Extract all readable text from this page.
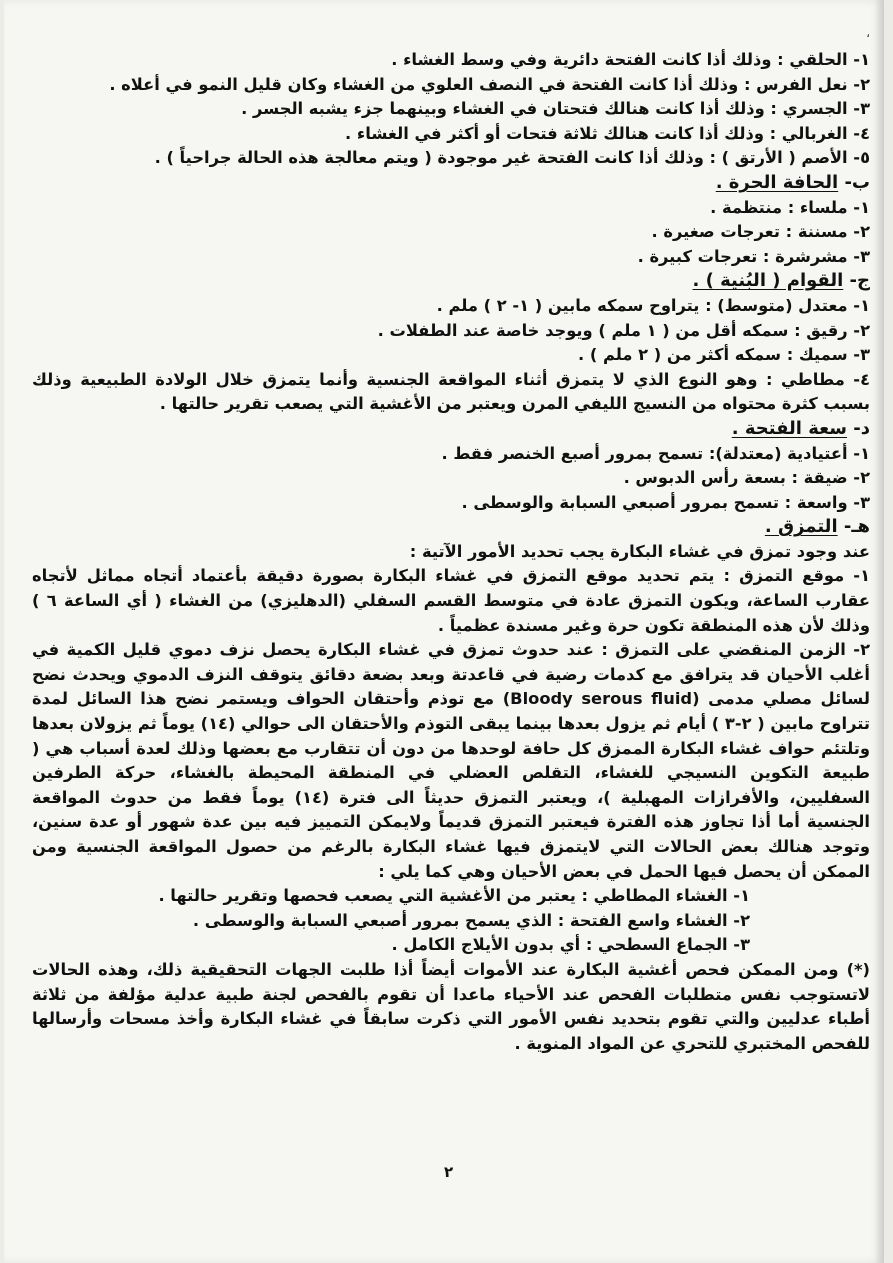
،

١- الحلقي : وذلك أذا كانت الفتحة دائرية وفي وسط الغشاء .

٢- نعل الفرس : وذلك أذا كانت الفتحة في النصف العلوي من الغشاء وكان قليل النمو في أعلاه .

٣- الجسري : وذلك أذا كانت هنالك فتحتان في الغشاء وبينهما جزء يشبه الجسر .

٤- الغربالي : وذلك أذا كانت هنالك ثلاثة فتحات أو أكثر في الغشاء .

٥- الأصم ( الأرتق ) : وذلك أذا كانت الفتحة غير موجودة ( ويتم معالجة هذه الحالة جراحياً ) .

ب- الحافة الحرة .

١- ملساء : منتظمة .

٢- مسننة : تعرجات صغيرة .

٣- مشرشرة : تعرجات كبيرة .

ج- القوام ( البُنية ) .

١- معتدل (متوسط) : يتراوح سمكه مابين ( ١- ٢ ) ملم .

٢- رقيق : سمكه أقل من ( ١ ملم ) ويوجد خاصة عند الطفلات .

٣- سميك : سمكه أكثر من ( ٢ ملم ) .

٤- مطاطي : وهو النوع الذي لا يتمزق أثناء المواقعة الجنسية وأنما يتمزق خلال الولادة الطبيعية وذلك بسبب كثرة محتواه من النسيج الليفي المرن ويعتبر من الأغشية التي يصعب تقرير حالتها .

د- سعة الفتحة .

١- أعتيادية (معتدلة): تسمح بمرور أصبع الخنصر فقط .

٢- ضيقة : بسعة رأس الدبوس .

٣- واسعة : تسمح بمرور أصبعي السبابة والوسطى .

هـ- التمزق .

عند وجود تمزق في غشاء البكارة يجب تحديد الأمور الآتية :

١- موقع التمزق : يتم تحديد موقع التمزق في غشاء البكارة بصورة دقيقة بأعتماد أتجاه مماثل لأتجاه عقارب الساعة، ويكون التمزق عادة في متوسط القسم السفلي (الدهليزي) من الغشاء ( أي الساعة ٦ ) وذلك لأن هذه المنطقة تكون حرة وغير مسندة عظمياً .

٢- الزمن المنقضي على التمزق : عند حدوث تمزق في غشاء البكارة يحصل نزف دموي قليل الكمية في أغلب الأحيان قد يترافق مع كدمات رضية في قاعدتة وبعد بضعة دقائق يتوقف النزف الدموي ويحدث نضح لسائل مصلي مدمى (Bloody serous fluid) مع توذم وأحتقان الحواف ويستمر نضح هذا السائل لمدة تتراوح مابين ( ٢-٣ ) أيام ثم يزول بعدها بينما يبقى التوذم والأحتقان الى حوالي (١٤) يوماً ثم يزولان بعدها وتلتئم حواف غشاء البكارة الممزق كل حافة لوحدها من دون أن تتقارب مع بعضها وذلك لعدة أسباب هي ( طبيعة التكوين النسيجي للغشاء، التقلص العضلي في المنطقة المحيطة بالغشاء، حركة الطرفين السفليين، والأفرازات المهبلية )، ويعتبر التمزق حديثاً الى فترة (١٤) يوماً فقط من حدوث المواقعة الجنسية أما أذا تجاوز هذه الفترة فيعتبر التمزق قديماً ولايمكن التمييز فيه بين عدة شهور أو عدة سنين، وتوجد هنالك بعض الحالات التي لايتمزق فيها غشاء البكارة بالرغم من حصول المواقعة الجنسية ومن الممكن أن يحصل فيها الحمل في بعض الأحيان وهي كما يلي :

١- الغشاء المطاطي : يعتبر من الأغشية التي يصعب فحصها وتقرير حالتها .

٢- الغشاء واسع الفتحة : الذي يسمح بمرور أصبعي السبابة والوسطى .

٣- الجماع السطحي : أي بدون الأيلاج الكامل .

(*) ومن الممكن فحص أغشية البكارة عند الأموات أيضاً أذا طلبت الجهات التحقيقية ذلك، وهذه الحالات لاتستوجب نفس متطلبات الفحص عند الأحياء ماعدا أن تقوم بالفحص لجنة طبية عدلية مؤلفة من ثلاثة أطباء عدليين والتي تقوم بتحديد نفس الأمور التي ذكرت سابقاً في غشاء البكارة وأخذ مسحات وأرسالها للفحص المختبري للتحري عن المواد المنوية .

٢
